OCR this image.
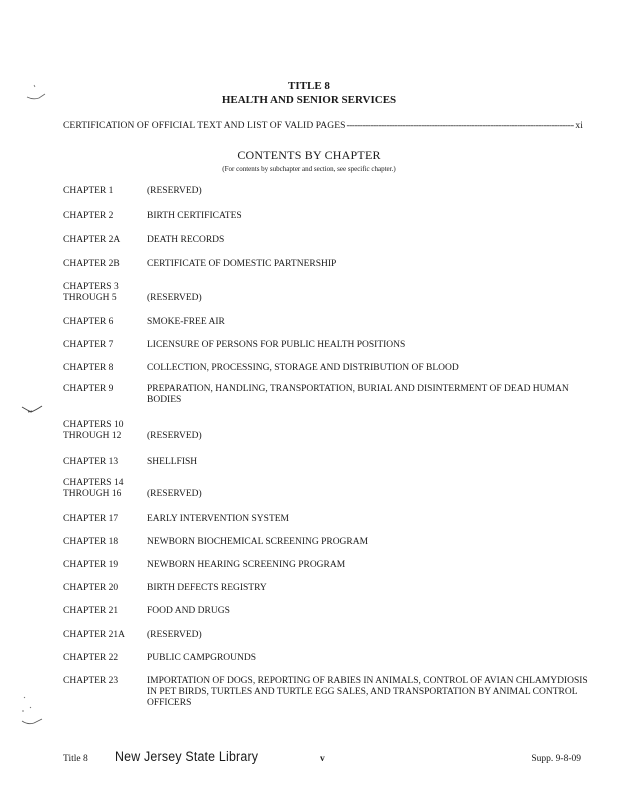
TITLE 8
HEALTH AND SENIOR SERVICES
CERTIFICATION OF OFFICIAL TEXT AND LIST OF VALID PAGES
-----	xi
CONTENTS BY CHAPTER
(For contents by subchapter and section, see specific chapter.)
CHAPTER 1	(RESERVED)
CHAPTER 2	BIRTH CERTIFICATES
CHAPTER 2A	DEATH RECORDS
CHAPTER 2B	CERTIFICATE OF DOMESTIC PARTNERSHIP
CHAPTERS 3
THROUGH 5	(RESERVED)
CHAPTER 6	SMOKE-FREE AIR
CHAPTER 7	LICENSURE OF PERSONS FOR PUBLIC HEALTH POSITIONS
CHAPTER 8	COLLECTION, PROCESSING, STORAGE AND DISTRIBUTION OF BLOOD
CHAPTER 9	PREPARATION, HANDLING, TRANSPORTATION, BURIAL AND DISINTERMENT OF DEAD HUMAN BODIES
CHAPTERS 10
THROUGH 12	(RESERVED)
CHAPTER 13	SHELLFISH
CHAPTERS 14
THROUGH 16	(RESERVED)
CHAPTER 17	EARLY INTERVENTION SYSTEM
CHAPTER 18	NEWBORN BIOCHEMICAL SCREENING PROGRAM
CHAPTER 19	NEWBORN HEARING SCREENING PROGRAM
CHAPTER 20	BIRTH DEFECTS REGISTRY
CHAPTER 21	FOOD AND DRUGS
CHAPTER 21A	(RESERVED)
CHAPTER 22	PUBLIC CAMPGROUNDS
CHAPTER 23	IMPORTATION OF DOGS, REPORTING OF RABIES IN ANIMALS, CONTROL OF AVIAN CHLAMYDIOSIS IN PET BIRDS, TURTLES AND TURTLE EGG SALES, AND TRANSPORTATION BY ANIMAL CONTROL OFFICERS
Title 8 New Jersey State Library	v	Supp. 9-8-09
